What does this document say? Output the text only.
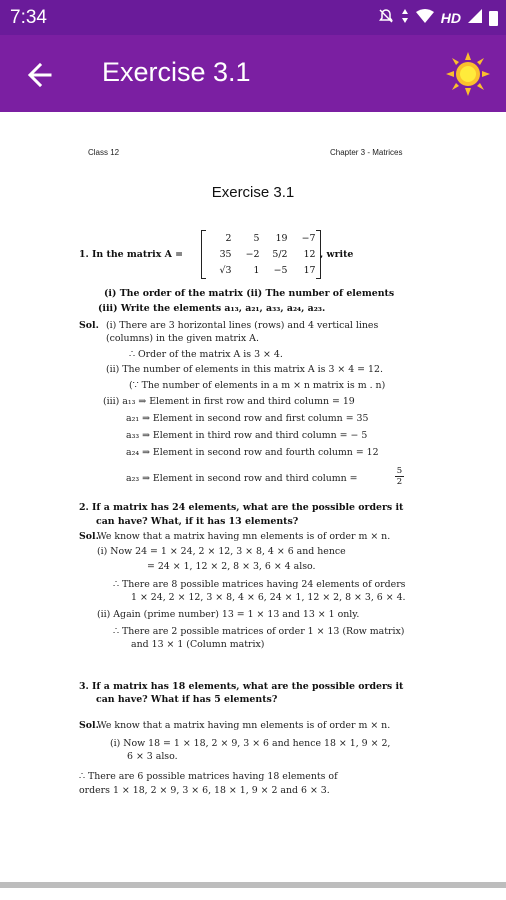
7:34	HD
Exercise 3.1
Class 12	Chapter 3 - Matrices
Exercise 3.1
1. In the matrix A =
2	5	19	−7
35	−2	5/2	12
√3	1	−5	17
, write
(i) The order of the matrix (ii) The number of elements
(iii) Write the elements a₁₃, a₂₁, a₃₃, a₂₄, a₂₃.
Sol. (i) There are 3 horizontal lines (rows) and 4 vertical lines
(columns) in the given matrix A.
∴ Order of the matrix A is 3 × 4.
(ii) The number of elements in this matrix A is 3 × 4 = 12.
(∵ The number of elements in a m × n matrix is m . n)
(iii) a₁₃ ⇒ Element in first row and third column = 19
a₂₁ ⇒ Element in second row and first column = 35
a₃₃ ⇒ Element in third row and third column = − 5
a₂₄ ⇒ Element in second row and fourth column = 12
a₂₃ ⇒ Element in second row and third column =	$\frac{5}{2}$
2. If a matrix has 24 elements, what are the possible orders it
can have? What, if it has 13 elements?
Sol.
We know that a matrix having mn elements is of order m × n.
(i) Now 24 = 1 × 24, 2 × 12, 3 × 8, 4 × 6 and hence
= 24 × 1, 12 × 2, 8 × 3, 6 × 4 also.
∴ There are 8 possible matrices having 24 elements of orders
1 × 24, 2 × 12, 3 × 8, 4 × 6, 24 × 1, 12 × 2, 8 × 3, 6 × 4.
(ii) Again (prime number) 13 = 1 × 13 and 13 × 1 only.
∴ There are 2 possible matrices of order 1 × 13 (Row matrix)
and 13 × 1 (Column matrix)
3. If a matrix has 18 elements, what are the possible orders it
can have? What if has 5 elements?
Sol.
We know that a matrix having mn elements is of order m × n.
(i) Now 18 = 1 × 18, 2 × 9, 3 × 6 and hence 18 × 1, 9 × 2,
6 × 3 also.
∴ There are 6 possible matrices having 18 elements of
orders 1 × 18, 2 × 9, 3 × 6, 18 × 1, 9 × 2 and 6 × 3.
